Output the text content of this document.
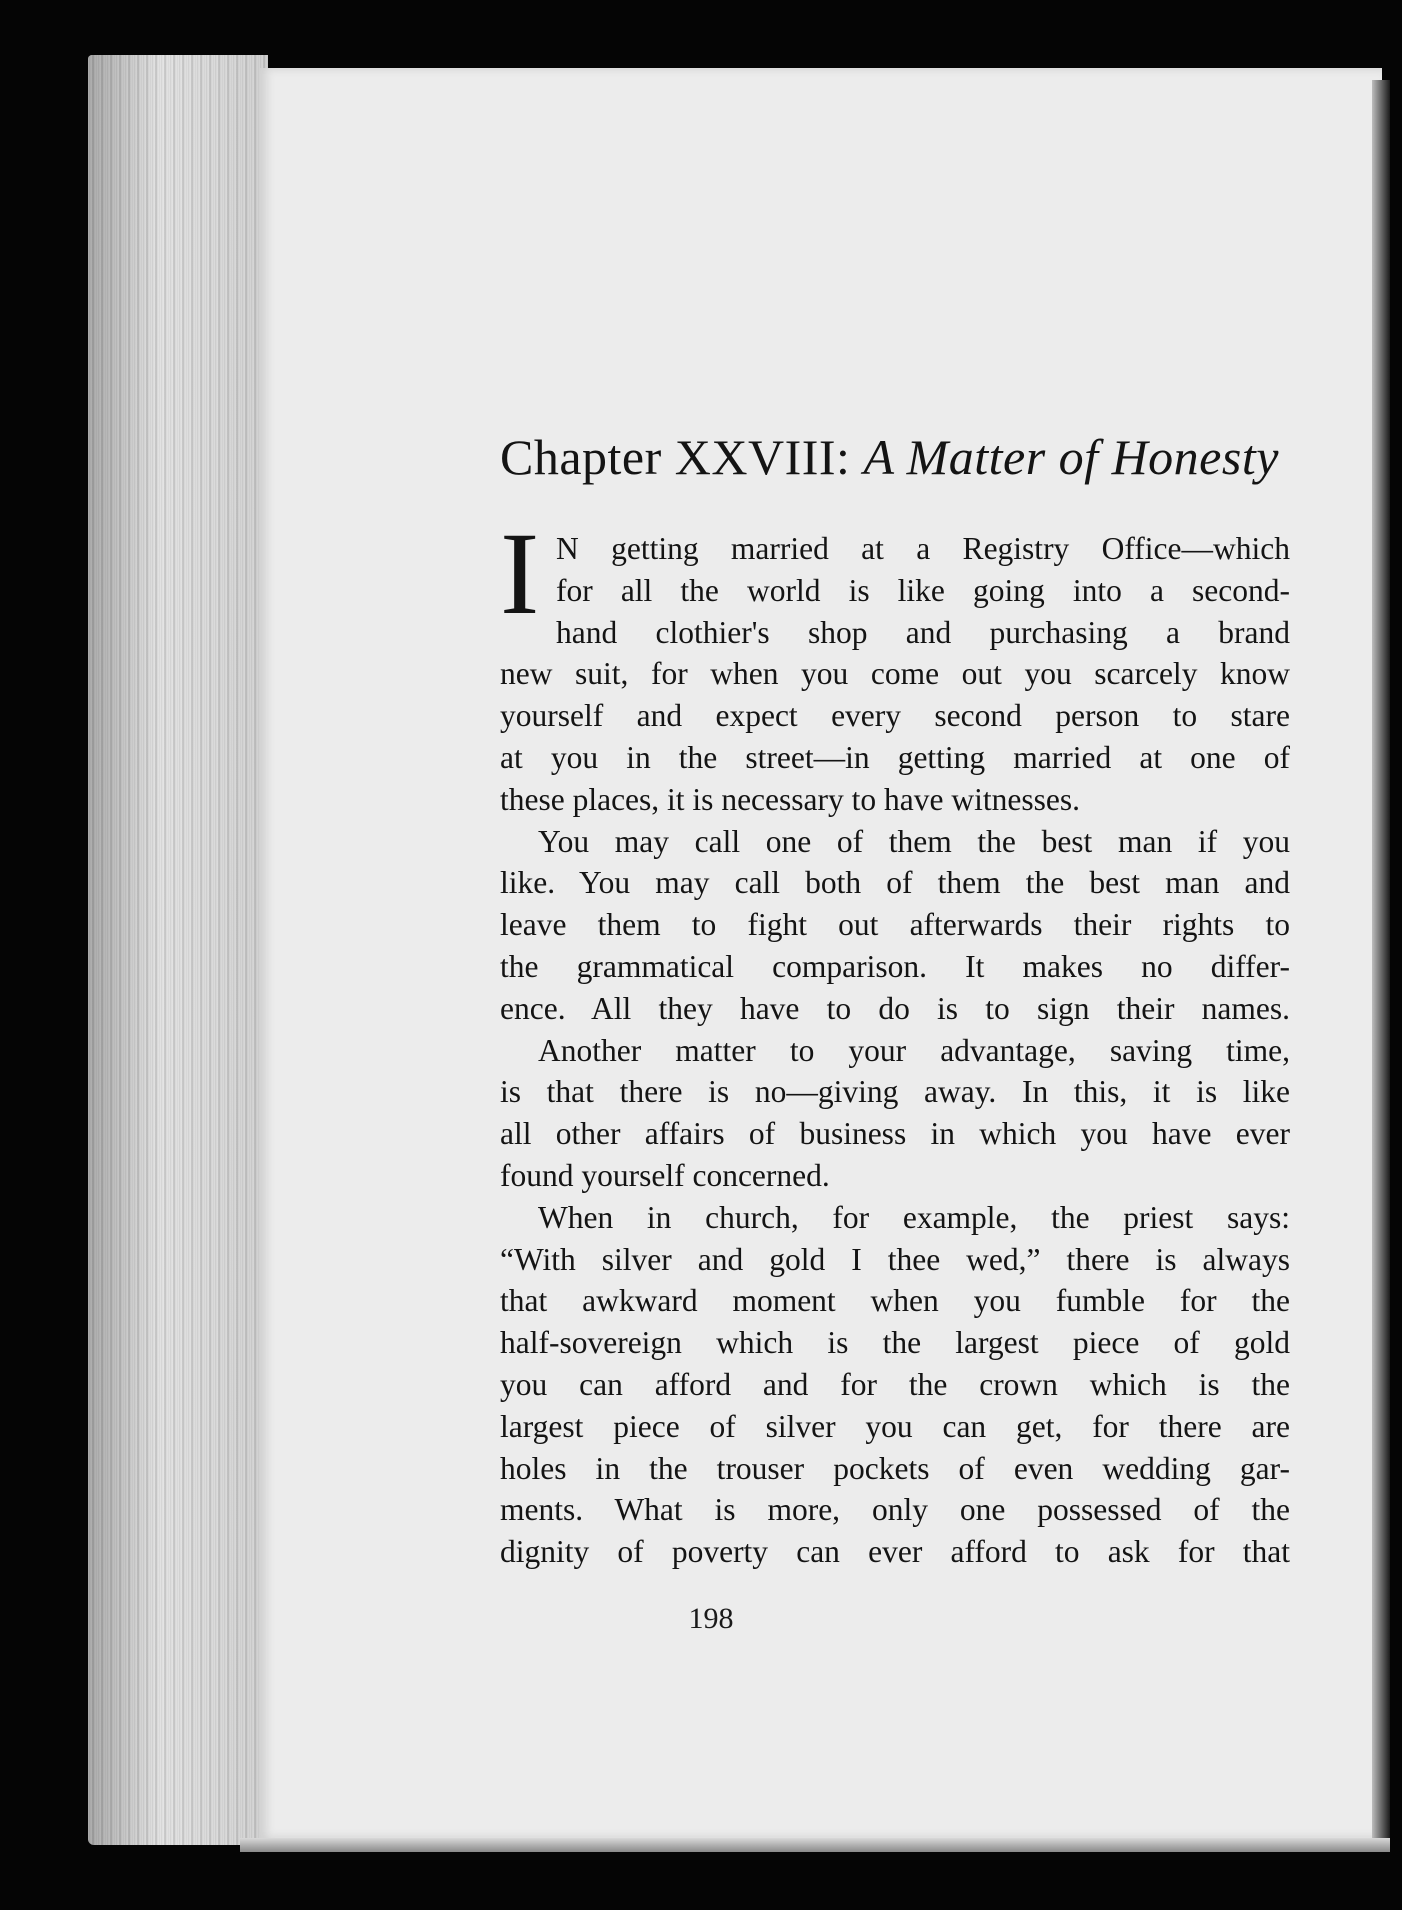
Chapter XXVIII: A Matter of Honesty
I N getting married at a Registry Office—which
for all the world is like going into a second-
hand clothier's shop and purchasing a brand
new suit, for when you come out you scarcely know
yourself and expect every second person to stare
at you in the street—in getting married at one of
these places, it is necessary to have witnesses.
You may call one of them the best man if you
like. You may call both of them the best man and
leave them to fight out afterwards their rights to
the grammatical comparison. It makes no differ-
ence. All they have to do is to sign their names.
Another matter to your advantage, saving time,
is that there is no—giving away. In this, it is like
all other affairs of business in which you have ever
found yourself concerned.
When in church, for example, the priest says:
“With silver and gold I thee wed,” there is always
that awkward moment when you fumble for the
half-sovereign which is the largest piece of gold
you can afford and for the crown which is the
largest piece of silver you can get, for there are
holes in the trouser pockets of even wedding gar-
ments. What is more, only one possessed of the
dignity of poverty can ever afford to ask for that
198
